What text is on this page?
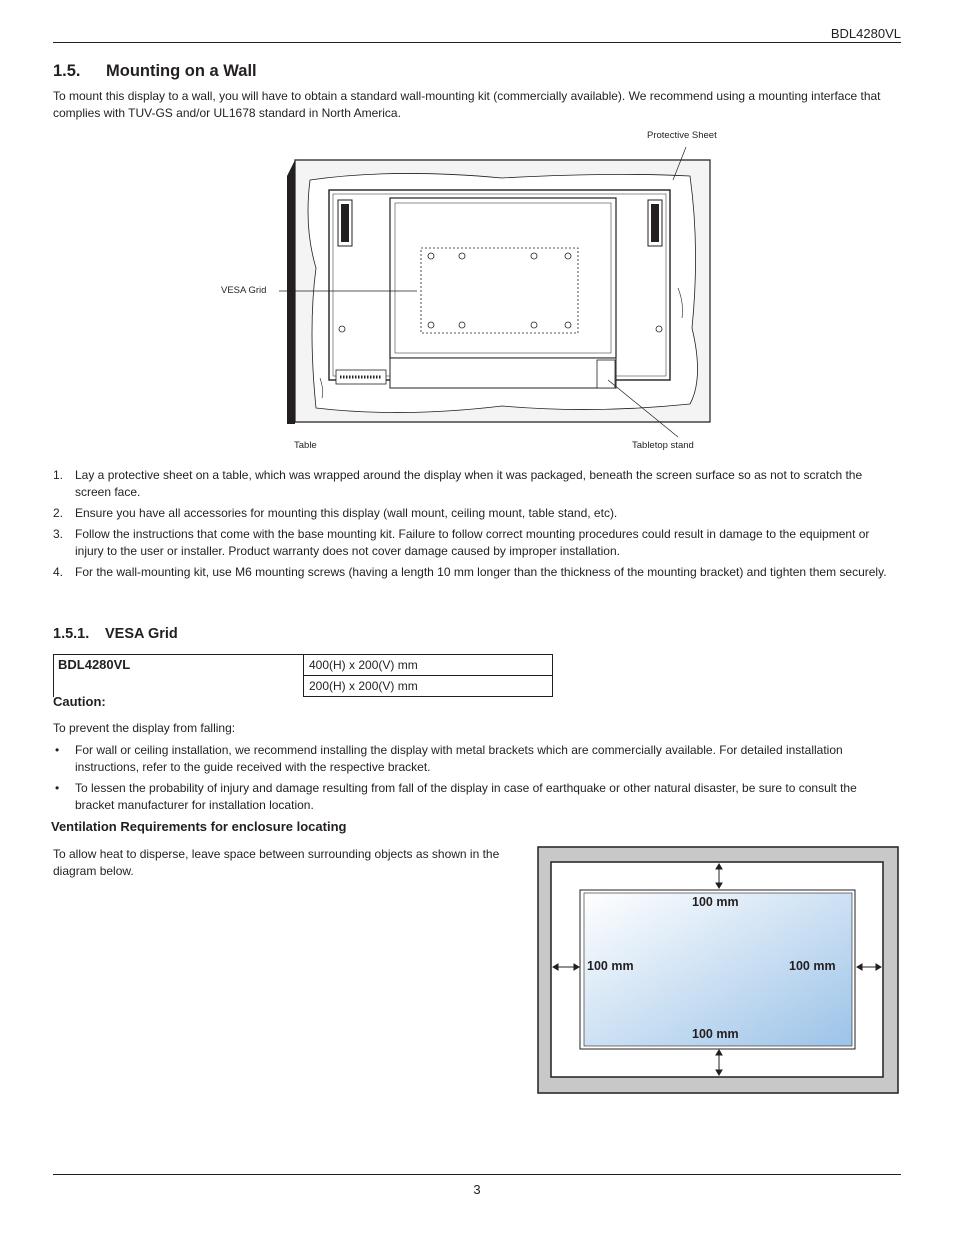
BDL4280VL
1.5. Mounting on a Wall

To mount this display to a wall, you will have to obtain a standard wall-mounting kit (commercially available). We recommend using a mounting interface that complies with TUV-GS and/or UL1678 standard in North America.

Protective Sheet
VESA Grid
Table	Tabletop stand
1. Lay a protective sheet on a table, which was wrapped around the display when it was packaged, beneath the screen surface so as not to scratch the screen face.
2. Ensure you have all accessories for mounting this display (wall mount, ceiling mount, table stand, etc).
3. Follow the instructions that come with the base mounting kit. Failure to follow correct mounting procedures could result in damage to the equipment or injury to the user or installer. Product warranty does not cover damage caused by improper installation.
4. For the wall-mounting kit, use M6 mounting screws (having a length 10 mm longer than the thickness of the mounting bracket) and tighten them securely.
1.5.1. VESA Grid
BDL4280VL	400(H) x 200(V) mm
200(H) x 200(V) mm
Caution:
To prevent the display from falling:
• For wall or ceiling installation, we recommend installing the display with metal brackets which are commercially available. For detailed installation instructions, refer to the guide received with the respective bracket.
• To lessen the probability of injury and damage resulting from fall of the display in case of earthquake or other natural disaster, be sure to consult the bracket manufacturer for installation location.
Ventilation Requirements for enclosure locating

To allow heat to disperse, leave space between surrounding objects as shown in the diagram below.

100 mm
100 mm	100 mm
100 mm
3
